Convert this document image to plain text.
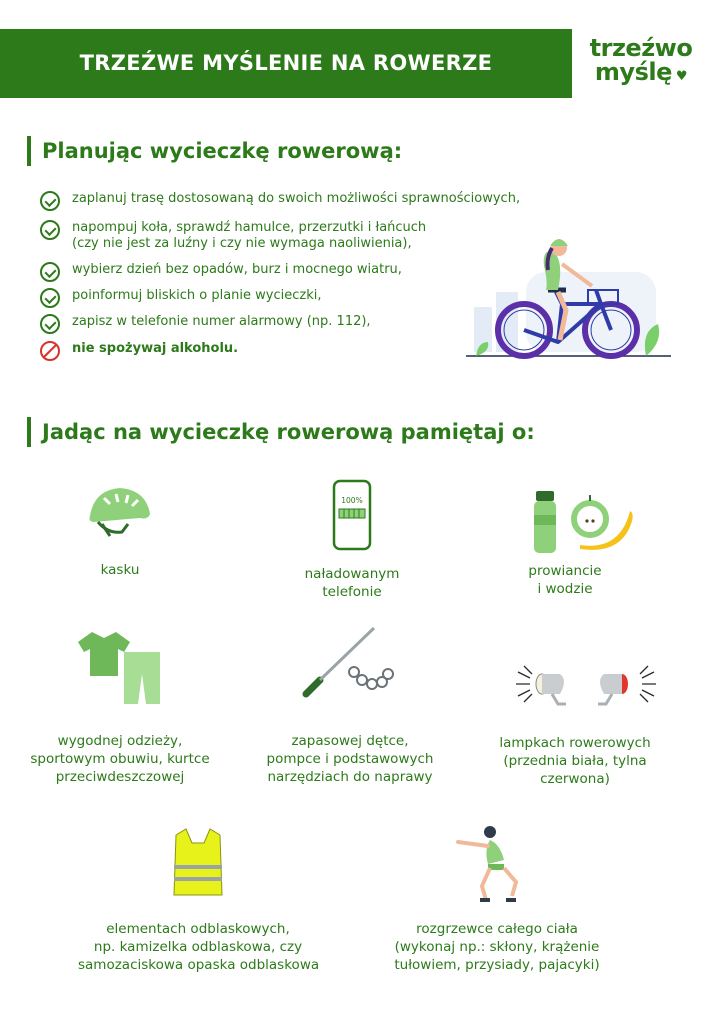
TRZEŹWE MYŚLENIE NA ROWERZE
trzeźwo
myślę ♥
Planując wycieczkę rowerową:
zaplanuj trasę dostosowaną do swoich możliwości sprawnościowych,
napompuj koła, sprawdź hamulce, przerzutki i łańcuch
(czy nie jest za luźny i czy nie wymaga naoliwienia),
wybierz dzień bez opadów, burz i mocnego wiatru,
poinformuj bliskich o planie wycieczki,
zapisz w telefonie numer alarmowy (np. 112),
nie spożywaj alkoholu.
Jadąc na wycieczkę rowerową pamiętaj o:
kasku
100%
naładowanym
telefonie
prowiancie
i wodzie
wygodnej odzieży,
sportowym obuwiu, kurtce
przeciwdeszczowej
zapasowej dętce,
pompce i podstawowych
narzędziach do naprawy
lampkach rowerowych
(przednia biała, tylna
czerwona)
elementach odblaskowych,
np. kamizelka odblaskowa, czy
samozaciskowa opaska odblaskowa
rozgrzewce całego ciała
(wykonaj np.: skłony, krążenie
tułowiem, przysiady, pajacyki)
